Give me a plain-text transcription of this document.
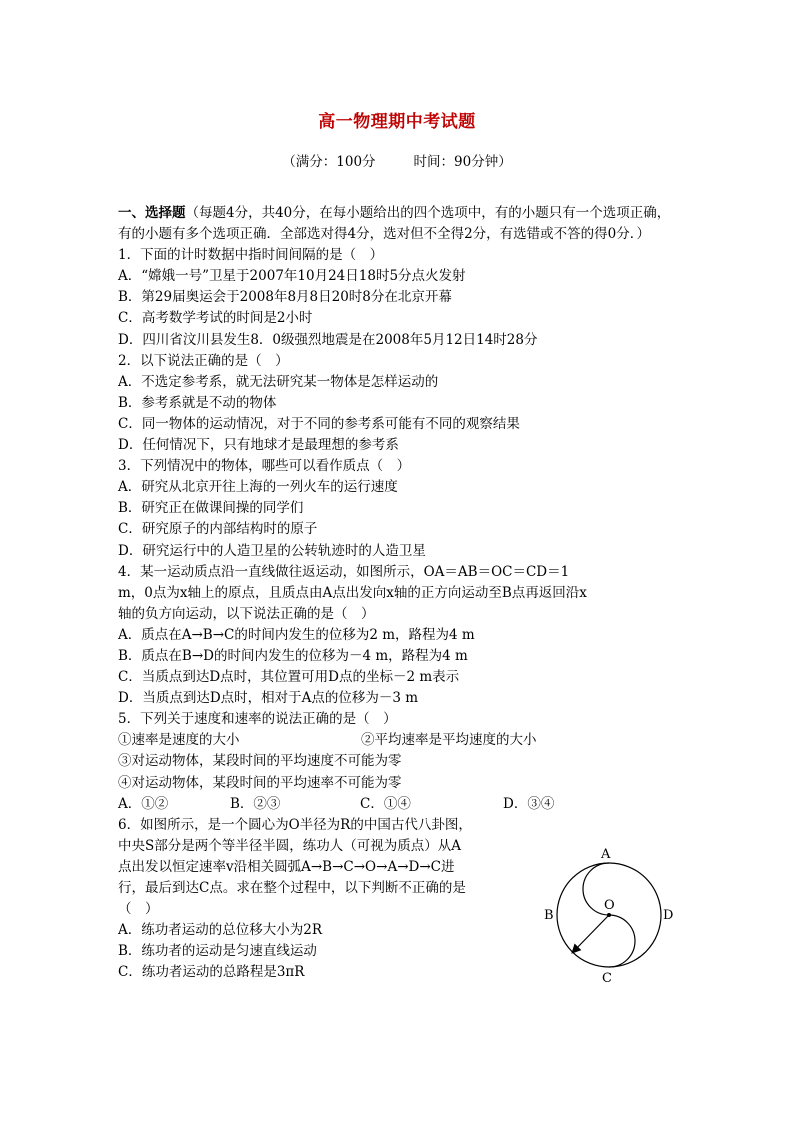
高一物理期中考试题
（满分：100分	时间：90分钟）
一、选择题（每题4分，共40分，在每小题给出的四个选项中，有的小题只有一个选项正确，有的小题有多个选项正确．全部选对得4分，选对但不全得2分，有选错或不答的得0分．）
1．下面的计时数据中指时间间隔的是（　）
A．“嫦娥一号”卫星于2007年10月24日18时5分点火发射
B．第29届奥运会于2008年8月8日20时8分在北京开幕
C．高考数学考试的时间是2小时
D．四川省汶川县发生8．0级强烈地震是在2008年5月12日14时28分
2．以下说法正确的是（　）
A．不选定参考系，就无法研究某一物体是怎样运动的
B．参考系就是不动的物体
C．同一物体的运动情况，对于不同的参考系可能有不同的观察结果
D．任何情况下，只有地球才是最理想的参考系
3．下列情况中的物体，哪些可以看作质点（　）
A．研究从北京开往上海的一列火车的运行速度
B．研究正在做课间操的同学们
C．研究原子的内部结构时的原子
D．研究运行中的人造卫星的公转轨迹时的人造卫星
4．某一运动质点沿一直线做往返运动，如图所示，OA＝AB＝OC＝CD＝1
m，0点为x轴上的原点，且质点由A点出发向x轴的正方向运动至B点再返回沿x
轴的负方向运动，以下说法正确的是（　）
A．质点在A→B→C的时间内发生的位移为2 m，路程为4 m
B．质点在B→D的时间内发生的位移为－4 m，路程为4 m
C．当质点到达D点时，其位置可用D点的坐标－2 m表示
D．当质点到达D点时，相对于A点的位移为－3 m
5．下列关于速度和速率的说法正确的是（　）
①速率是速度的大小	②平均速率是平均速度的大小
③对运动物体，某段时间的平均速度不可能为零
④对运动物体，某段时间的平均速率不可能为零
A．①②	B．②③	C．①④	D．③④
6．如图所示，是一个圆心为O半径为R的中国古代八卦图，
中央S部分是两个等半径半圆，练功人（可视为质点）从A
点出发以恒定速率v沿相关圆弧A→B→C→O→A→D→C进
行，最后到达C点。求在整个过程中，以下判断不正确的是
（　）
A．练功者运动的总位移大小为2R
B．练功者的运动是匀速直线运动
C．练功者运动的总路程是3πR
A
B
C
D
O
